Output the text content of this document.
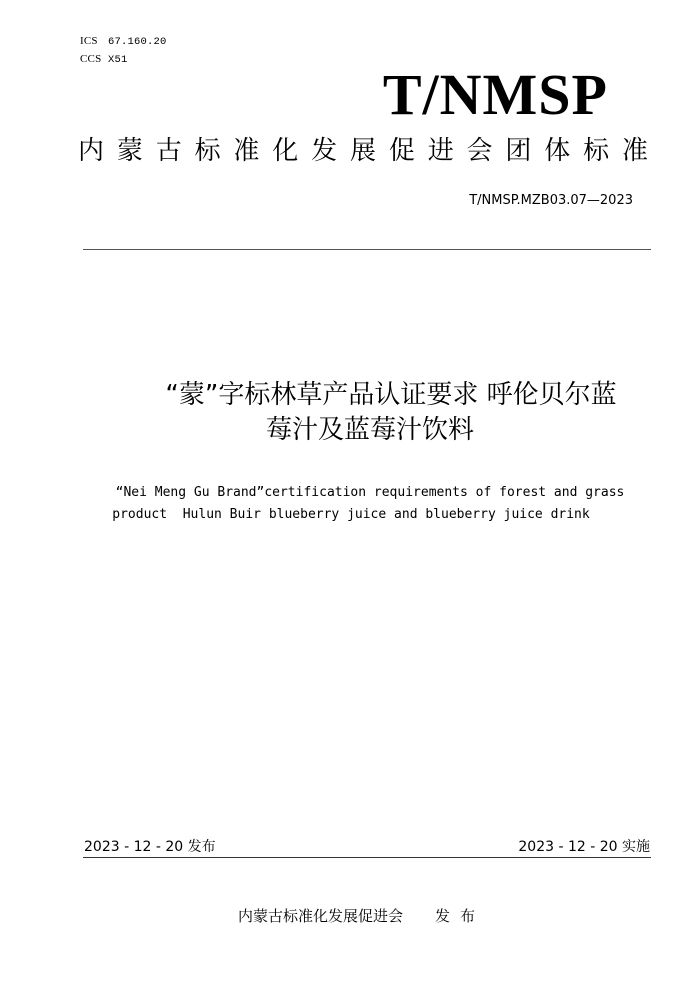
ICS 67.160.20
CCS X51
T/NMSP
内 蒙 古 标 准 化 发 展 促 进 会 团 体 标 准
T/NMSP.MZB03.07—2023
“蒙”字标林草产品认证要求 呼伦贝尔蓝
莓汁及蓝莓汁饮料
“Nei Meng Gu Brand”certification requirements of forest and grass
product  Hulun Buir blueberry juice and blueberry juice drink
2023 - 12 - 20 发布	2023 - 12 - 20 实施
内蒙古标准化发展促进会 发布
